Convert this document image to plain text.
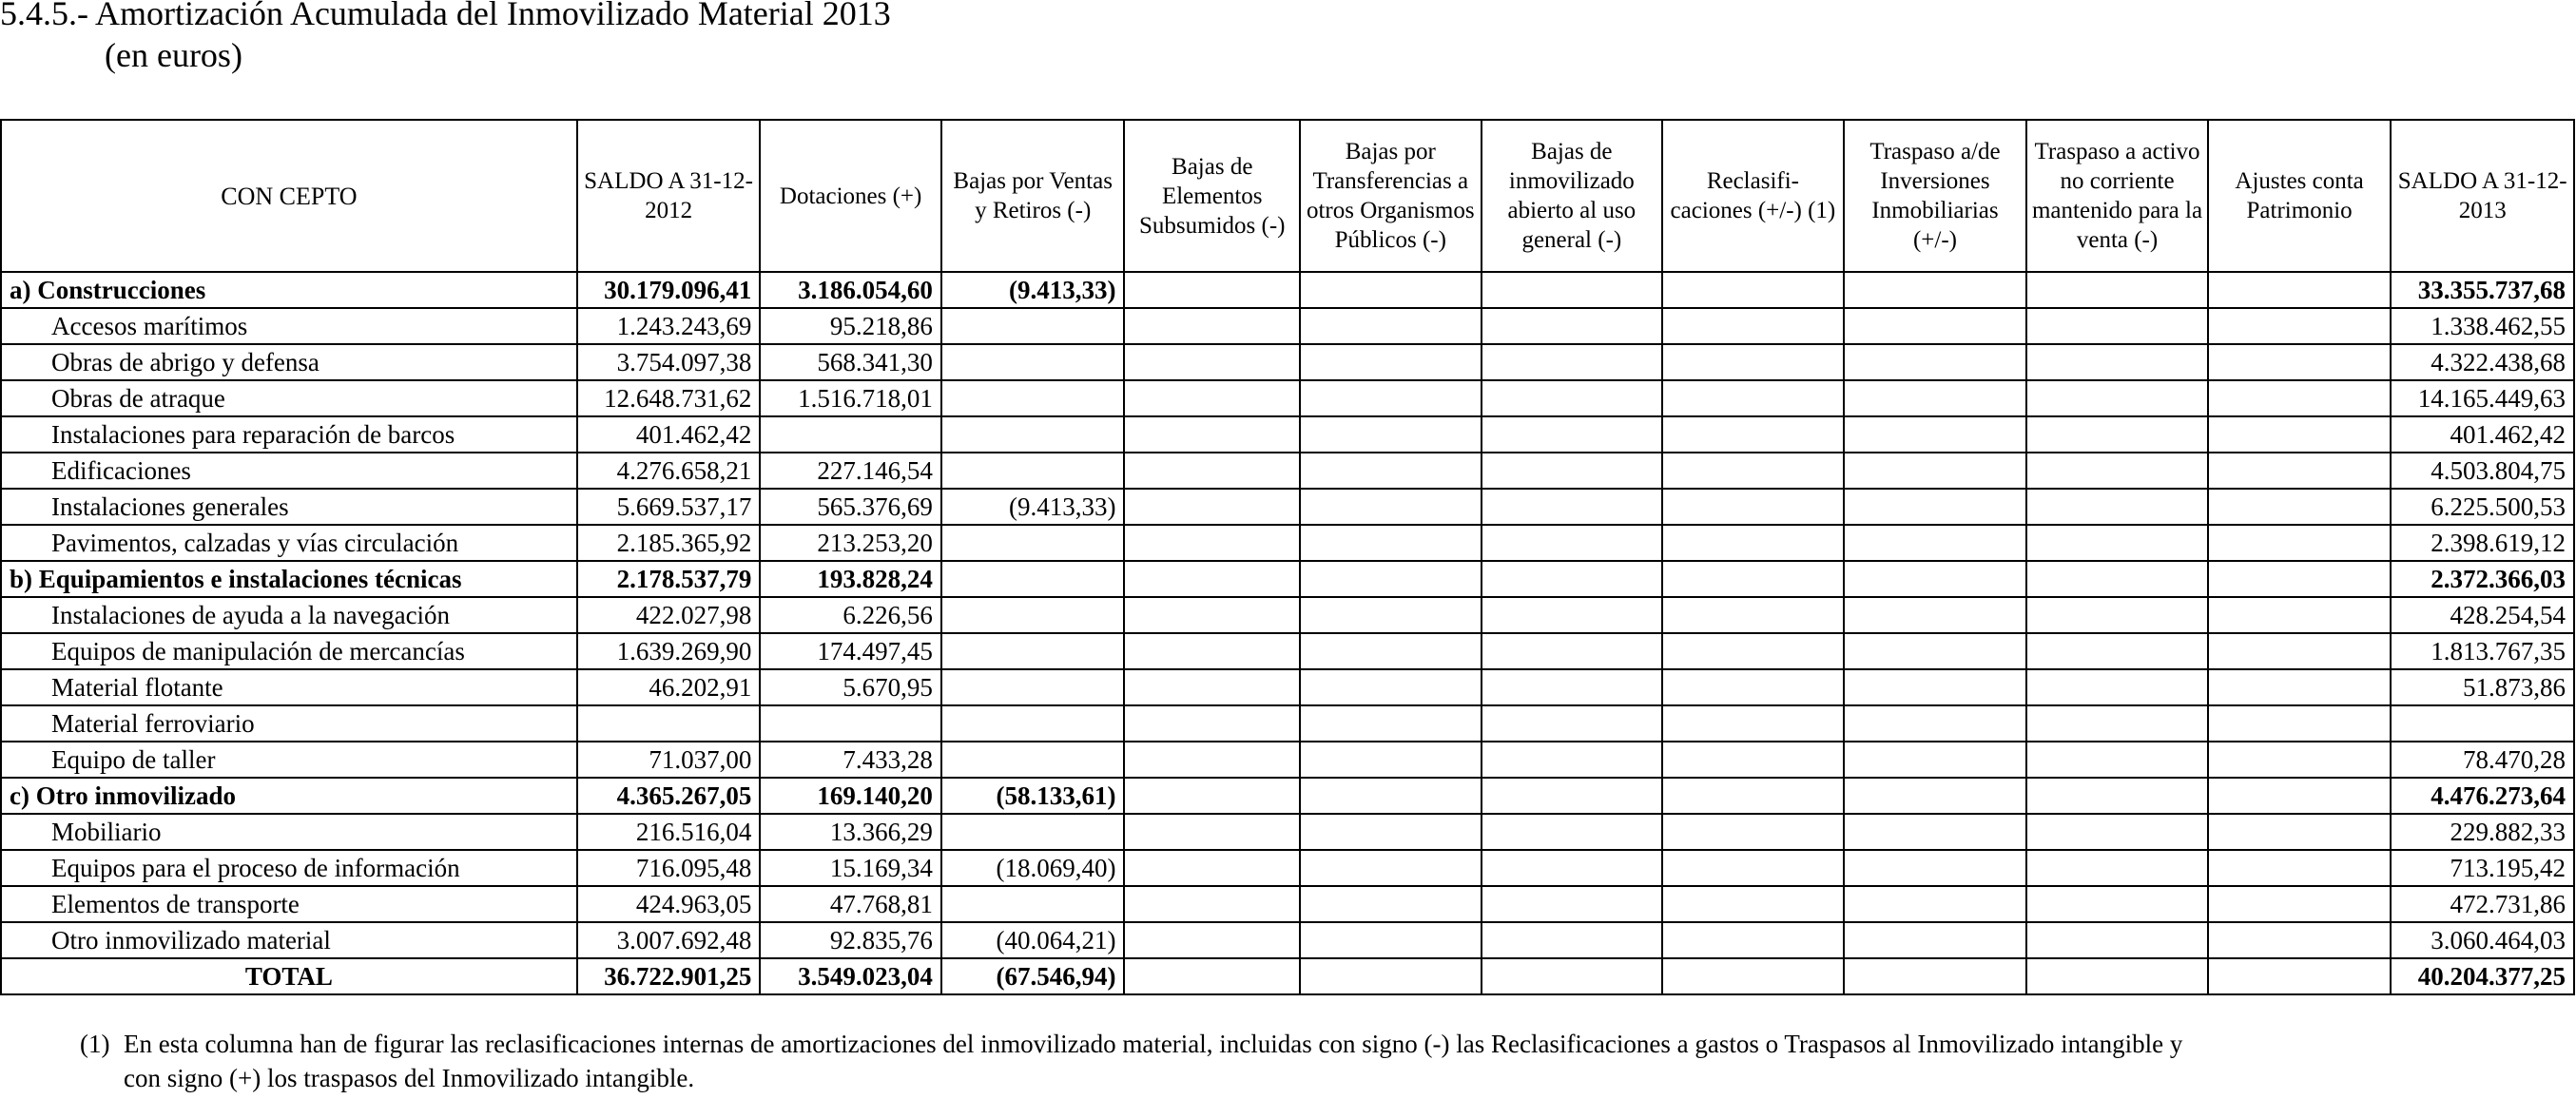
5.4.5.- Amortización Acumulada del Inmovilizado Material 2013
(en euros)
CON CEPTO	SALDO A 31-12-2012	Dotaciones (+)	Bajas por Ventas y Retiros (-)	Bajas de Elementos Subsumidos (-)	Bajas por Transferencias a otros Organismos Públicos (-)	Bajas de inmovilizado abierto al uso general (-)	Reclasifi- caciones (+/-) (1)	Traspaso a/de Inversiones Inmobiliarias (+/-)	Traspaso a activo no corriente mantenido para la venta (-)	Ajustes conta Patrimonio	SALDO A 31-12-2013
a) Construcciones	30.179.096,41	3.186.054,60	(9.413,33)								33.355.737,68
Accesos marítimos	1.243.243,69	95.218,86									1.338.462,55
Obras de abrigo y defensa	3.754.097,38	568.341,30									4.322.438,68
Obras de atraque	12.648.731,62	1.516.718,01									14.165.449,63
Instalaciones para reparación de barcos	401.462,42										401.462,42
Edificaciones	4.276.658,21	227.146,54									4.503.804,75
Instalaciones generales	5.669.537,17	565.376,69	(9.413,33)								6.225.500,53
Pavimentos, calzadas y vías circulación	2.185.365,92	213.253,20									2.398.619,12
b) Equipamientos e instalaciones técnicas	2.178.537,79	193.828,24									2.372.366,03
Instalaciones de ayuda a la navegación	422.027,98	6.226,56									428.254,54
Equipos de manipulación de mercancías	1.639.269,90	174.497,45									1.813.767,35
Material flotante	46.202,91	5.670,95									51.873,86
Material ferroviario											
Equipo de taller	71.037,00	7.433,28									78.470,28
c) Otro inmovilizado	4.365.267,05	169.140,20	(58.133,61)								4.476.273,64
Mobiliario	216.516,04	13.366,29									229.882,33
Equipos para el proceso de información	716.095,48	15.169,34	(18.069,40)								713.195,42
Elementos de transporte	424.963,05	47.768,81									472.731,86
Otro inmovilizado material	3.007.692,48	92.835,76	(40.064,21)								3.060.464,03
TOTAL	36.722.901,25	3.549.023,04	(67.546,94)								40.204.377,25
(1) En esta columna han de figurar las reclasificaciones internas de amortizaciones del inmovilizado material, incluidas con signo (-) las Reclasificaciones a gastos o Traspasos al Inmovilizado intangible y
con signo (+) los traspasos del Inmovilizado intangible.
